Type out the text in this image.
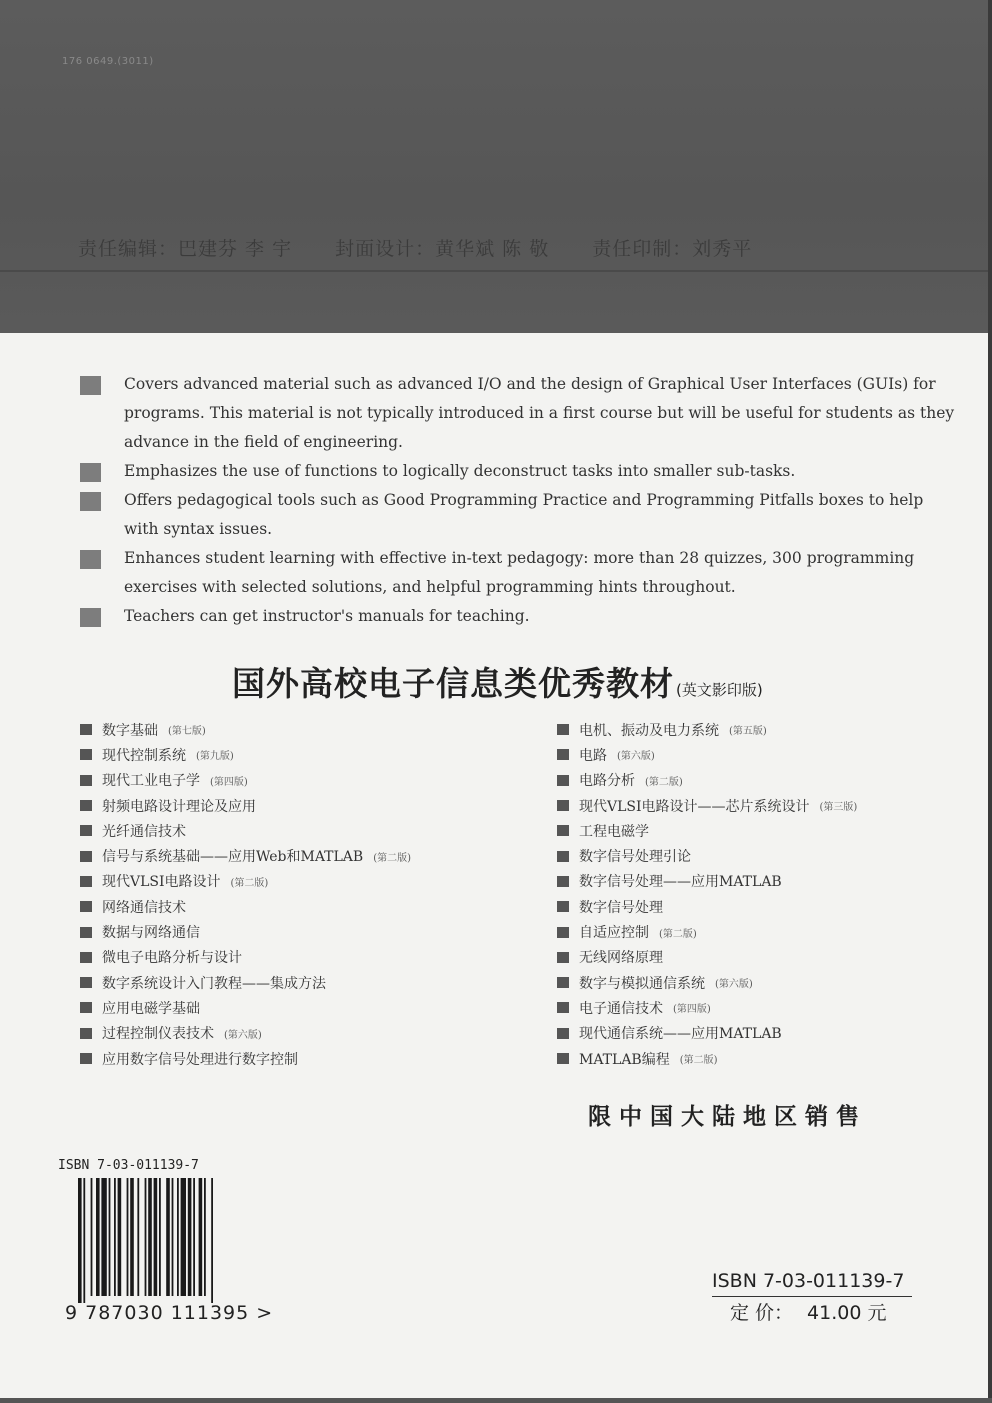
176 0649.(3011)
责任编辑：巴建芬 李 宇 封面设计：黄华斌 陈 敬 责任印制：刘秀平
Covers advanced material such as advanced I/O and the design of Graphical User Interfaces (GUIs) for programs. This material is not typically introduced in a first course but will be useful for students as they advance in the field of engineering.
Emphasizes the use of functions to logically deconstruct tasks into smaller sub-tasks.
Offers pedagogical tools such as Good Programming Practice and Programming Pitfalls boxes to help with syntax issues.
Enhances student learning with effective in-text pedagogy: more than 28 quizzes, 300 programming exercises with selected solutions, and helpful programming hints throughout.
Teachers can get instructor's manuals for teaching.
国外高校电子信息类优秀教材 (英文影印版)
数字基础 (第七版)
现代控制系统 (第九版)
现代工业电子学 (第四版)
射频电路设计理论及应用
光纤通信技术
信号与系统基础——应用Web和MATLAB (第二版)
现代VLSI电路设计 (第二版)
网络通信技术
数据与网络通信
微电子电路分析与设计
数字系统设计入门教程——集成方法
应用电磁学基础
过程控制仪表技术 (第六版)
应用数字信号处理进行数字控制
电机、振动及电力系统 (第五版)
电路 (第六版)
电路分析 (第二版)
现代VLSI电路设计——芯片系统设计 (第三版)
工程电磁学
数字信号处理引论
数字信号处理——应用MATLAB
数字信号处理
自适应控制 (第二版)
无线网络原理
数字与模拟通信系统 (第六版)
电子通信技术 (第四版)
现代通信系统——应用MATLAB
MATLAB编程 (第二版)
限中国大陆地区销售
ISBN 7-03-011139-7
9 787030 111395 >
ISBN 7-03-011139-7
定 价： 41.00 元
